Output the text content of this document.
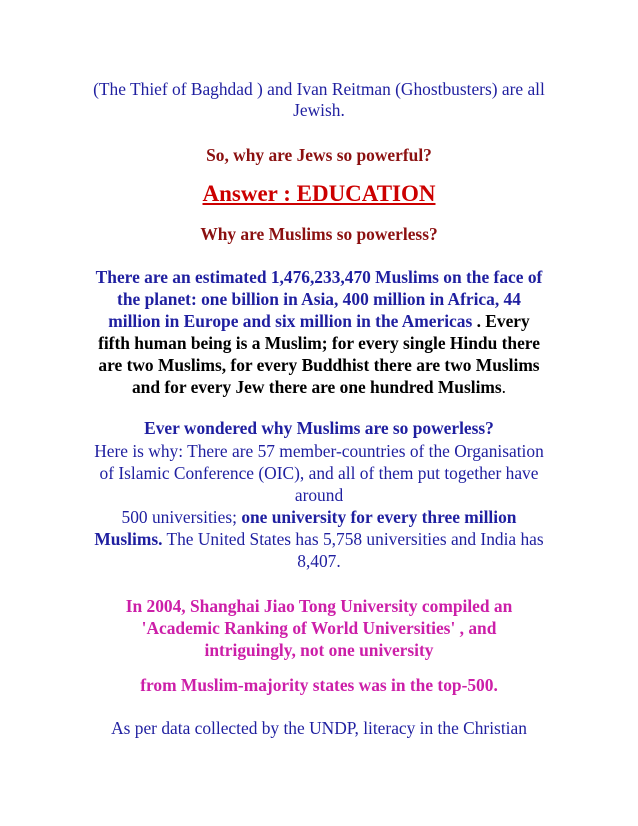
(The Thief of Baghdad ) and Ivan Reitman (Ghostbusters) are all
Jewish.
So, why are Jews so powerful?
Answer : EDUCATION
Why are Muslims so powerless?
There are an estimated 1,476,233,470 Muslims on the face of
the planet: one billion in Asia, 400 million in Africa, 44
million in Europe and six million in the Americas . Every
fifth human being is a Muslim; for every single Hindu there
are two Muslims, for every Buddhist there are two Muslims
and for every Jew there are one hundred Muslims.
Ever wondered why Muslims are so powerless?
Here is why: There are 57 member-countries of the Organisation
of Islamic Conference (OIC), and all of them put together have
around
500 universities; one university for every three million
Muslims. The United States has 5,758 universities and India has
8,407.
In 2004, Shanghai Jiao Tong University compiled an
'Academic Ranking of World Universities' , and
intriguingly, not one university
from Muslim-majority states was in the top-500.
As per data collected by the UNDP, literacy in the Christian
